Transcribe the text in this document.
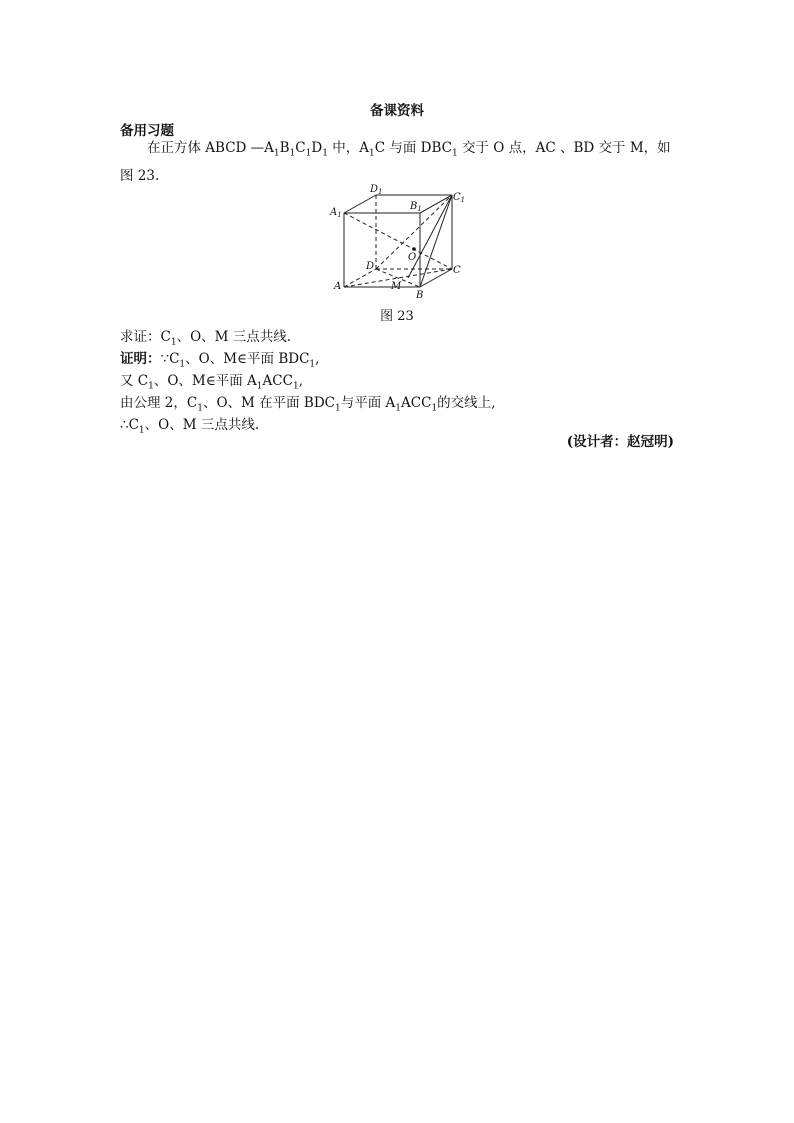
备课资料
备用习题
在正方体 ABCD $—A_1B_1C_1D_1$ 中，$A_1C$ 与面 $DBC_1$ 交于 O 点，AC 、BD 交于 M，如图 23.
$D_1$
$A_1$
$B_1$
$C_1$
D
O
C
A	M
B
图 23
求证：$C_1$、O、M 三点共线.
证明：$\because C_1$、O、M∈平面 $BDC_1$,
又 $C_1$、O、M∈平面 $A_1ACC_1$,
由公理 2，$C_1$、O、M 在平面 $BDC_1$与平面 $A_1ACC_1$的交线上,
$\therefore C_1$、O、M 三点共线.
(设计者：赵冠明)
